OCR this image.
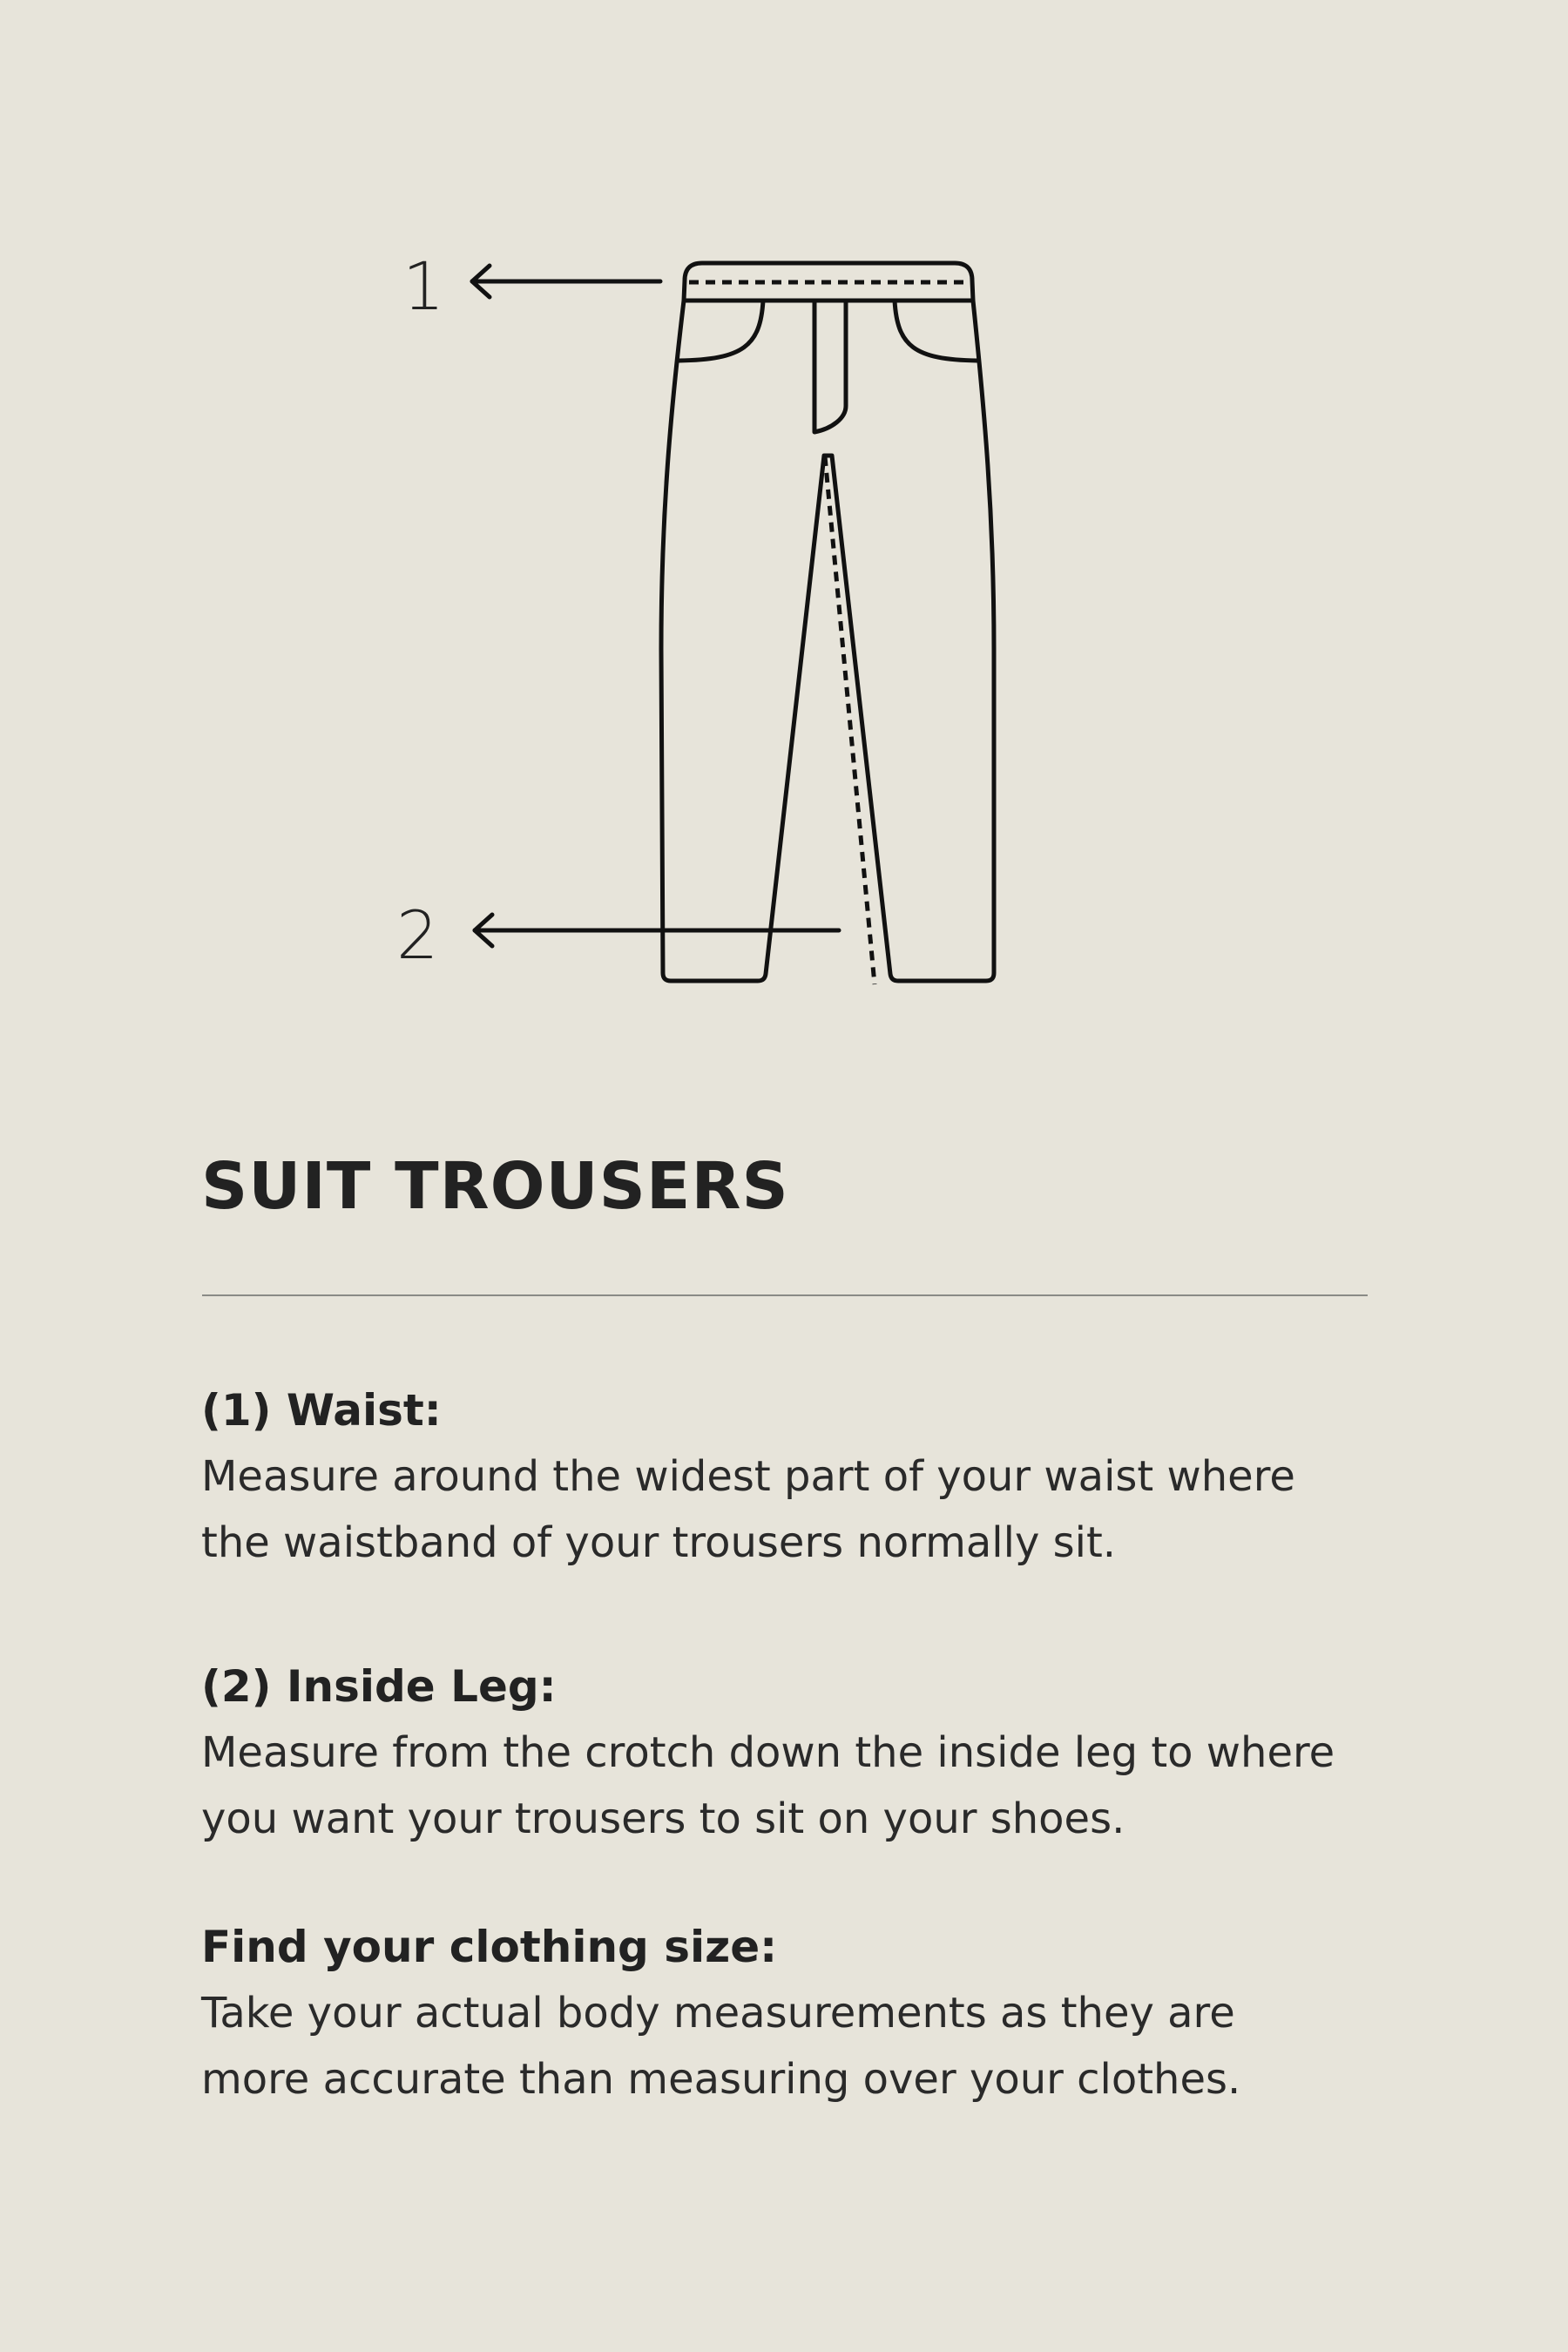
1
2
SUIT TROUSERS

(1) Waist:

Measure around the widest part of your waist where

the waistband of your trousers normally sit.

(2) Inside Leg:

Measure from the crotch down the inside leg to where

you want your trousers to sit on your shoes.

Find your clothing size:

Take your actual body measurements as they are

more accurate than measuring over your clothes.
